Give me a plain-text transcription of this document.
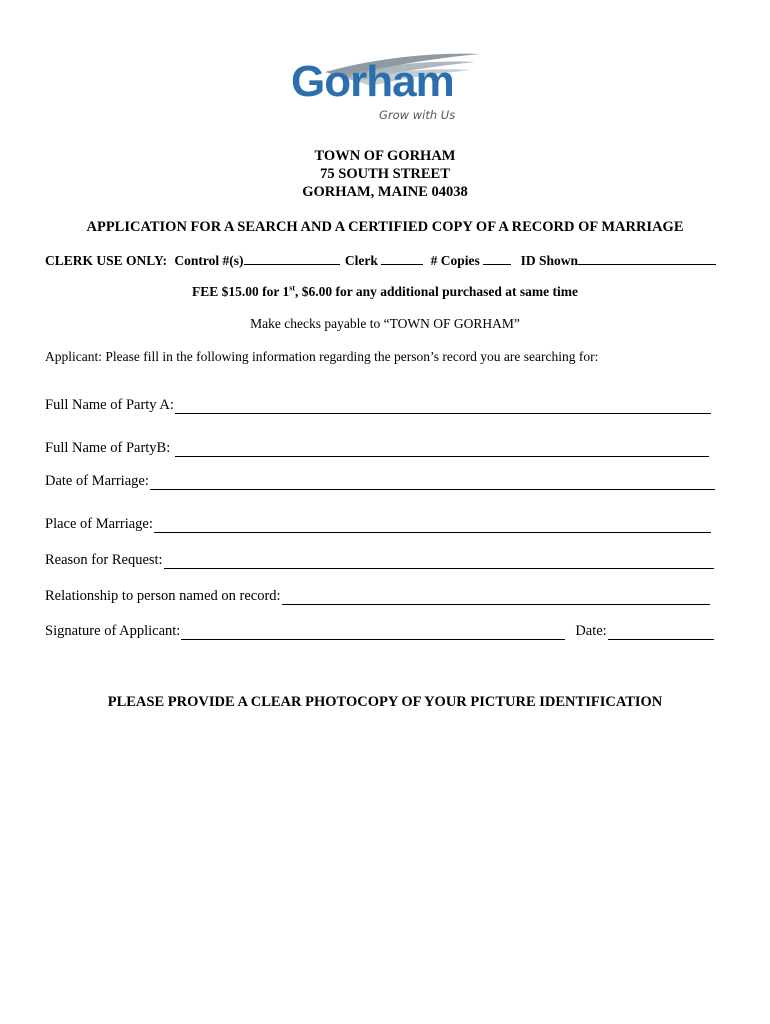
Gorham
Grow with Us
TOWN OF GORHAM
75 SOUTH STREET
GORHAM, MAINE 04038
APPLICATION FOR A SEARCH AND A CERTIFIED COPY OF A RECORD OF MARRIAGE
CLERK USE ONLY: Control #(s)	Clerk	# Copies	ID Shown
FEE $15.00 for 1st, $6.00 for any additional purchased at same time
Make checks payable to “TOWN OF GORHAM”
Applicant: Please fill in the following information regarding the person’s record you are searching for:
Full Name of Party A:
Full Name of PartyB:
Date of Marriage:
Place of Marriage:
Reason for Request:
Relationship to person named on record:
Signature of Applicant:	Date:
PLEASE PROVIDE A CLEAR PHOTOCOPY OF YOUR PICTURE IDENTIFICATION
